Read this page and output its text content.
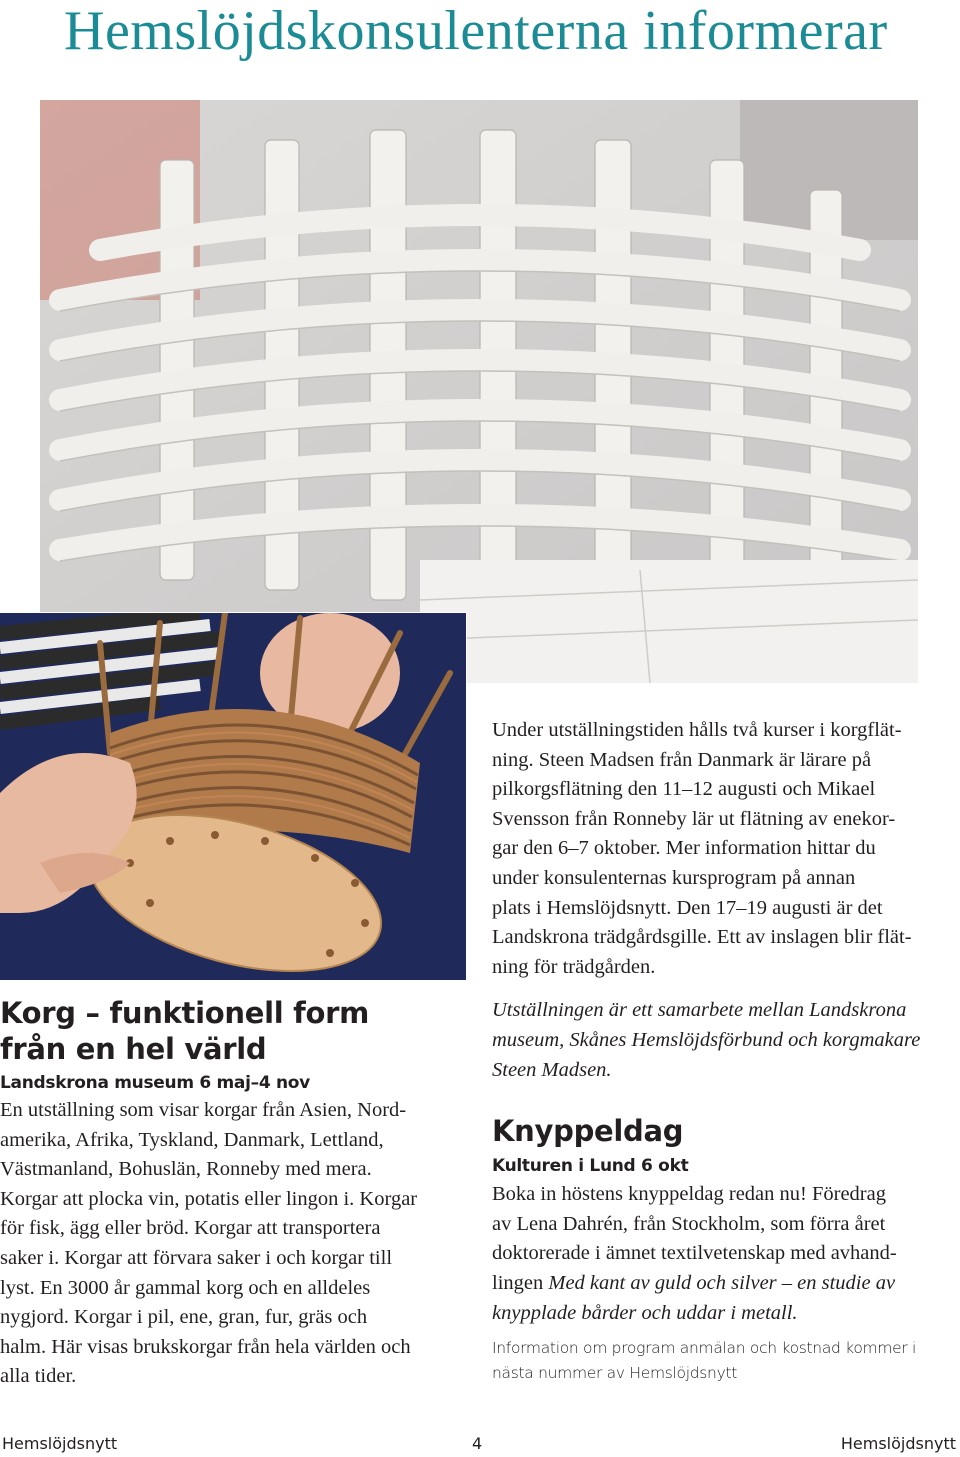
Hemslöjdskonsulenterna informerar
Korg – funktionell form
från en hel värld
Landskrona museum 6 maj–4 nov
En utställning som visar korgar från Asien, Nord-
amerika, Afrika, Tyskland, Danmark, Lettland,
Västmanland, Bohuslän, Ronneby med mera.
Korgar att plocka vin, potatis eller lingon i. Korgar
för fisk, ägg eller bröd. Korgar att transportera
saker i. Korgar att förvara saker i och korgar till
lyst. En 3000 år gammal korg och en alldeles
nygjord. Korgar i pil, ene, gran, fur, gräs och
halm. Här visas brukskorgar från hela världen och
alla tider.
Under utställningstiden hålls två kurser i korgflät-
ning. Steen Madsen från Danmark är lärare på
pilkorgsflätning den 11–12 augusti och Mikael
Svensson från Ronneby lär ut flätning av enekor-
gar den 6–7 oktober. Mer information hittar du
under konsulenternas kursprogram på annan
plats i Hemslöjdsnytt. Den 17–19 augusti är det
Landskrona trädgårdsgille. Ett av inslagen blir flät-
ning för trädgården.
Utställningen är ett samarbete mellan Landskrona
museum, Skånes Hemslöjdsförbund och korgmakare
Steen Madsen.
Knyppeldag
Kulturen i Lund 6 okt
Boka in höstens knyppeldag redan nu! Föredrag
av Lena Dahrén, från Stockholm, som förra året
doktorerade i ämnet textilvetenskap med avhand-
lingen Med kant av guld och silver – en studie av
knypplade bårder och uddar i metall.
Information om program anmälan och kostnad kommer i
nästa nummer av Hemslöjdsnytt
Hemslöjdsnytt	4	Hemslöjdsnytt
